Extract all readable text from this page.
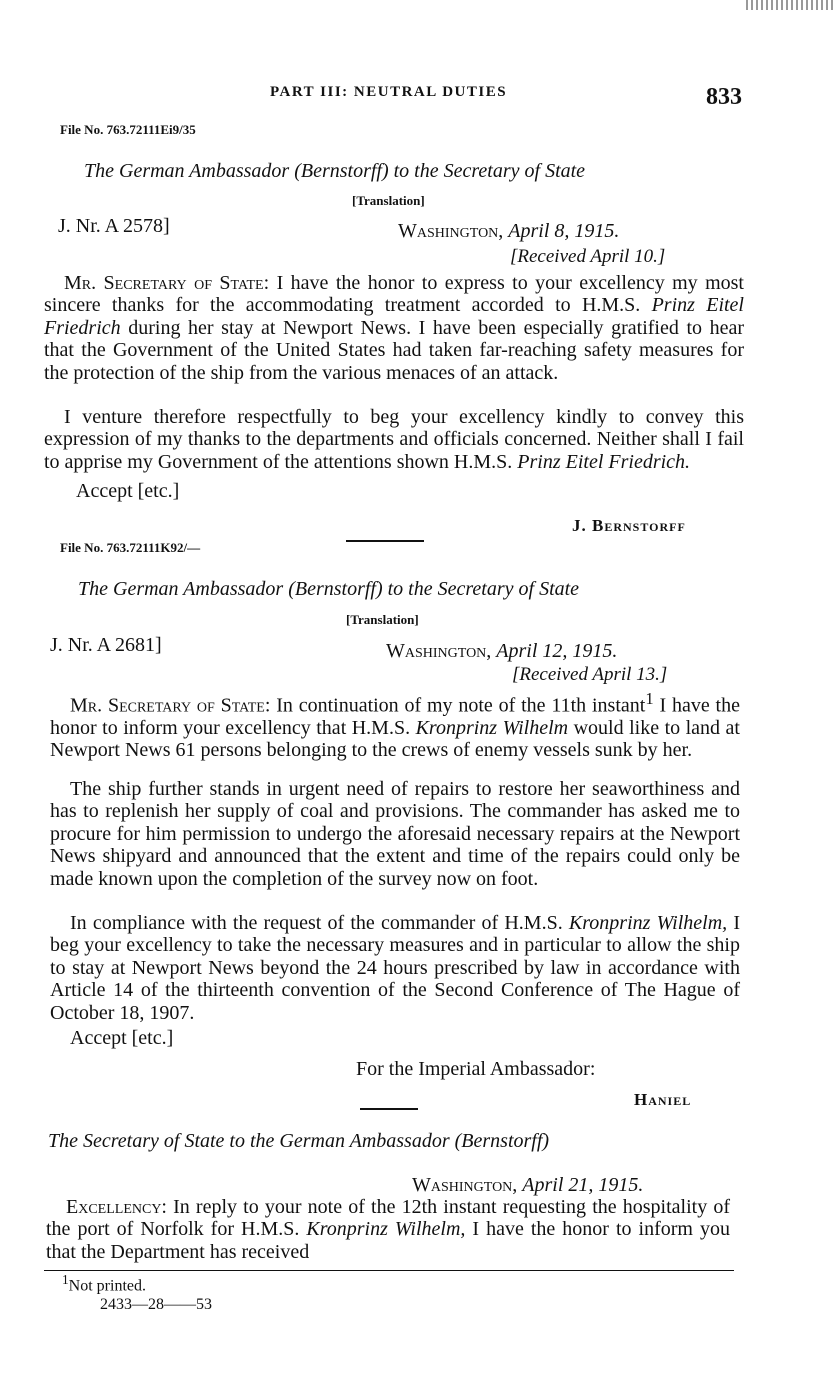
PART III: NEUTRAL DUTIES	833
File No. 763.72111Ei9/35
The German Ambassador (Bernstorff) to the Secretary of State
[Translation]
J. Nr. A 2578]	Washington, April 8, 1915.
[Received April 10.]
Mr. Secretary of State: I have the honor to express to your excellency my most sincere thanks for the accommodating treatment accorded to H.M.S. Prinz Eitel Friedrich during her stay at Newport News. I have been especially gratified to hear that the Government of the United States had taken far-reaching safety measures for the protection of the ship from the various menaces of an attack.
I venture therefore respectfully to beg your excellency kindly to convey this expression of my thanks to the departments and officials concerned. Neither shall I fail to apprise my Government of the attentions shown H.M.S. Prinz Eitel Friedrich.
Accept [etc.]
J. Bernstorff
File No. 763.72111K92/—
The German Ambassador (Bernstorff) to the Secretary of State
[Translation]
J. Nr. A 2681]	Washington, April 12, 1915.
[Received April 13.]
Mr. Secretary of State: In continuation of my note of the 11th instant$^1$ I have the honor to inform your excellency that H.M.S. Kronprinz Wilhelm would like to land at Newport News 61 persons belonging to the crews of enemy vessels sunk by her.
The ship further stands in urgent need of repairs to restore her seaworthiness and has to replenish her supply of coal and provisions. The commander has asked me to procure for him permission to undergo the aforesaid necessary repairs at the Newport News shipyard and announced that the extent and time of the repairs could only be made known upon the completion of the survey now on foot.
In compliance with the request of the commander of H.M.S. Kronprinz Wilhelm, I beg your excellency to take the necessary measures and in particular to allow the ship to stay at Newport News beyond the 24 hours prescribed by law in accordance with Article 14 of the thirteenth convention of the Second Conference of The Hague of October 18, 1907.
Accept [etc.]
For the Imperial Ambassador:
Haniel
The Secretary of State to the German Ambassador (Bernstorff)
Washington, April 21, 1915.
Excellency: In reply to your note of the 12th instant requesting the hospitality of the port of Norfolk for H.M.S. Kronprinz Wilhelm, I have the honor to inform you that the Department has received
$^1$Not printed.
2433—28——53
